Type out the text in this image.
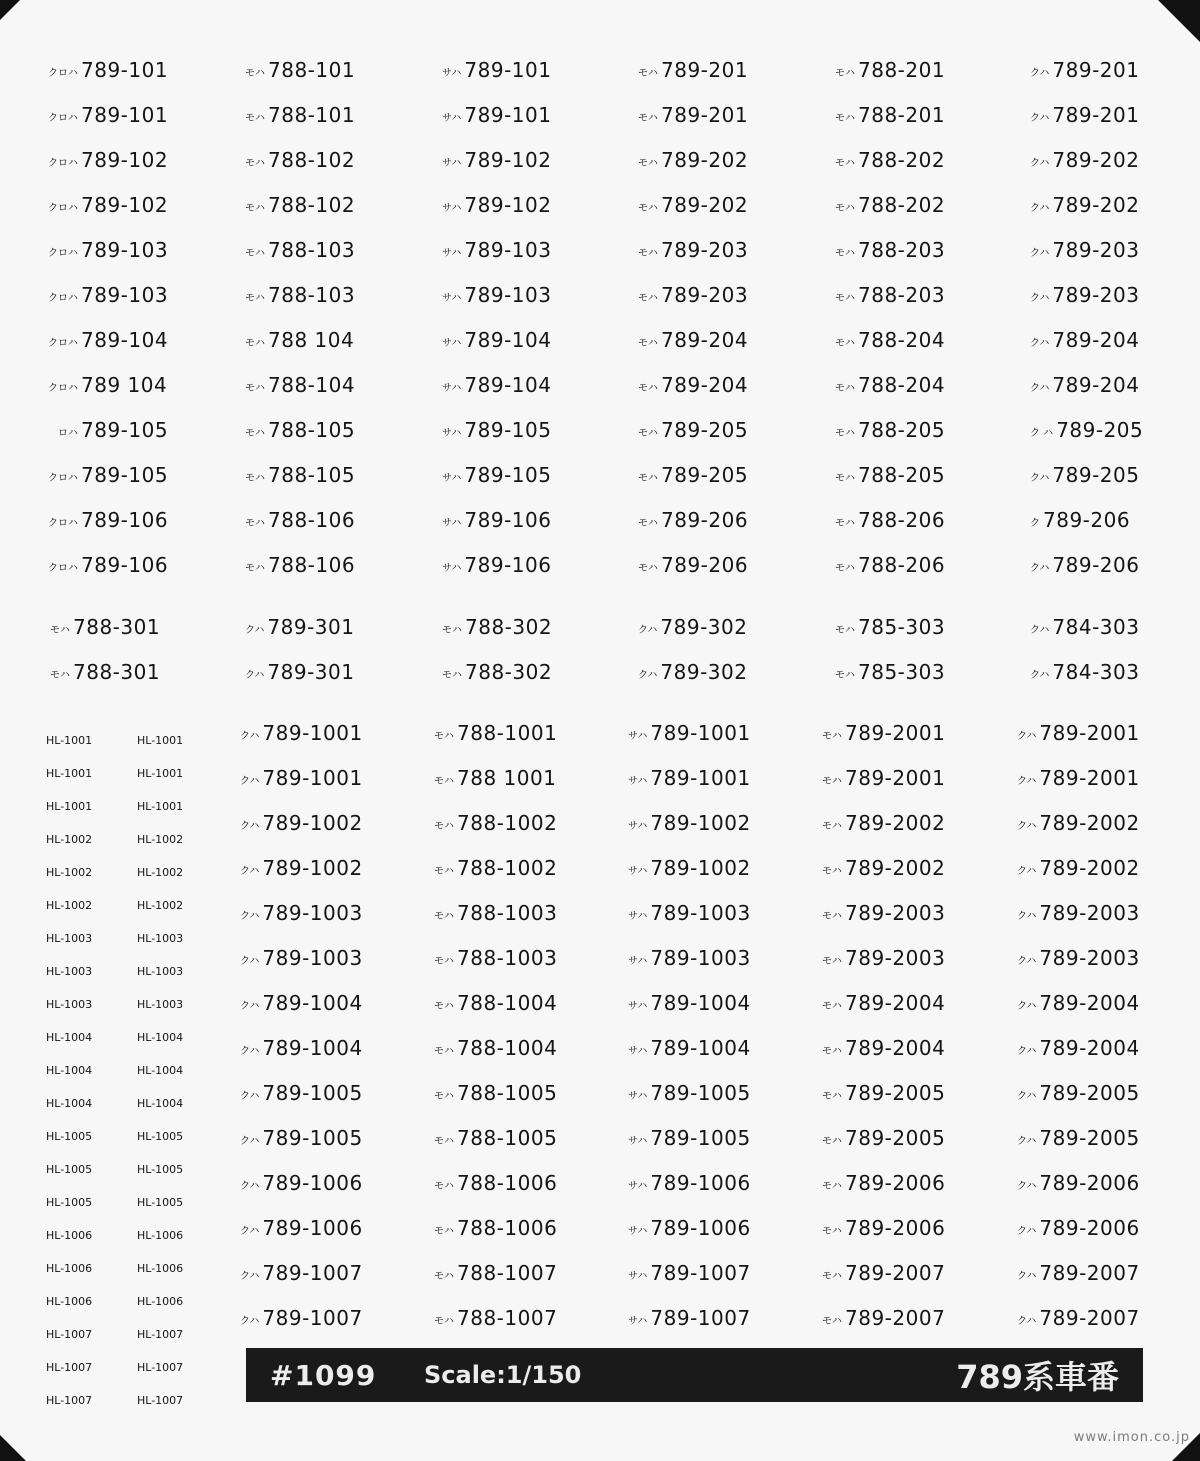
クロハ 789-101	モハ 788-101	サハ 789-101	モハ 789-201	モハ 788-201	クハ 789-201
クロハ 789-101	モハ 788-101	サハ 789-101	モハ 789-201	モハ 788-201	クハ 789-201
クロハ 789-102	モハ 788-102	サハ 789-102	モハ 789-202	モハ 788-202	クハ 789-202
クロハ 789-102	モハ 788-102	サハ 789-102	モハ 789-202	モハ 788-202	クハ 789-202
クロハ 789-103	モハ 788-103	サハ 789-103	モハ 789-203	モハ 788-203	クハ 789-203
クロハ 789-103	モハ 788-103	サハ 789-103	モハ 789-203	モハ 788-203	クハ 789-203
クロハ 789-104	モハ 788 104	サハ 789-104	モハ 789-204	モハ 788-204	クハ 789-204
クロハ 789 104	モハ 788-104	サハ 789-104	モハ 789-204	モハ 788-204	クハ 789-204
ロハ 789-105	モハ 788-105	サハ 789-105	モハ 789-205	モハ 788-205	ク ハ 789-205
クロハ 789-105	モハ 788-105	サハ 789-105	モハ 789-205	モハ 788-205	クハ 789-205
クロハ 789-106	モハ 788-106	サハ 789-106	モハ 789-206	モハ 788-206	ク 789-206
クロハ 789-106	モハ 788-106	サハ 789-106	モハ 789-206	モハ 788-206	クハ 789-206
モハ 788-301	クハ 789-301	モハ 788-302	クハ 789-302	モハ 785-303	クハ 784-303
モハ 788-301	クハ 789-301	モハ 788-302	クハ 789-302	モハ 785-303	クハ 784-303
HL-1001	HL-1001
HL-1001	HL-1001
HL-1001	HL-1001
HL-1002	HL-1002
HL-1002	HL-1002
HL-1002	HL-1002
HL-1003	HL-1003
HL-1003	HL-1003
HL-1003	HL-1003
HL-1004	HL-1004
HL-1004	HL-1004
HL-1004	HL-1004
HL-1005	HL-1005
HL-1005	HL-1005
HL-1005	HL-1005
HL-1006	HL-1006
HL-1006	HL-1006
HL-1006	HL-1006
HL-1007	HL-1007
HL-1007	HL-1007
HL-1007	HL-1007
クハ 789-1001	モハ 788-1001	サハ 789-1001	モハ 789-2001	クハ 789-2001
クハ 789-1001	モハ 788 1001	サハ 789-1001	モハ 789-2001	クハ 789-2001
クハ 789-1002	モハ 788-1002	サハ 789-1002	モハ 789-2002	クハ 789-2002
クハ 789-1002	モハ 788-1002	サハ 789-1002	モハ 789-2002	クハ 789-2002
クハ 789-1003	モハ 788-1003	サハ 789-1003	モハ 789-2003	クハ 789-2003
クハ 789-1003	モハ 788-1003	サハ 789-1003	モハ 789-2003	クハ 789-2003
クハ 789-1004	モハ 788-1004	サハ 789-1004	モハ 789-2004	クハ 789-2004
クハ 789-1004	モハ 788-1004	サハ 789-1004	モハ 789-2004	クハ 789-2004
クハ 789-1005	モハ 788-1005	サハ 789-1005	モハ 789-2005	クハ 789-2005
クハ 789-1005	モハ 788-1005	サハ 789-1005	モハ 789-2005	クハ 789-2005
クハ 789-1006	モハ 788-1006	サハ 789-1006	モハ 789-2006	クハ 789-2006
クハ 789-1006	モハ 788-1006	サハ 789-1006	モハ 789-2006	クハ 789-2006
クハ 789-1007	モハ 788-1007	サハ 789-1007	モハ 789-2007	クハ 789-2007
クハ 789-1007	モハ 788-1007	サハ 789-1007	モハ 789-2007	クハ 789-2007
#1099	Scale:1/150	789系車番
www.imon.co.jp
